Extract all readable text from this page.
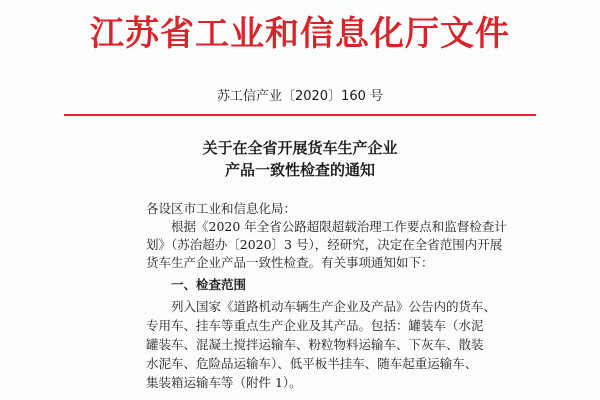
江苏省工业和信息化厅文件
苏工信产业〔2020〕160 号
关于在全省开展货车生产企业
产品一致性检查的通知
各设区市工业和信息化局：
根据《2020 年全省公路超限超载治理工作要点和监督检查计
划》（苏治超办〔2020〕3 号），经研究，决定在全省范围内开展
货车生产企业产品一致性检查。有关事项通知如下：
一、检查范围
列入国家《道路机动车辆生产企业及产品》公告内的货车、
专用车、挂车等重点生产企业及其产品。包括：罐装车（水泥
罐装车、混凝土搅拌运输车、粉粒物料运输车、下灰车、散装
水泥车、危险品运输车）、低平板半挂车、随车起重运输车、
集装箱运输车等（附件 1）。
